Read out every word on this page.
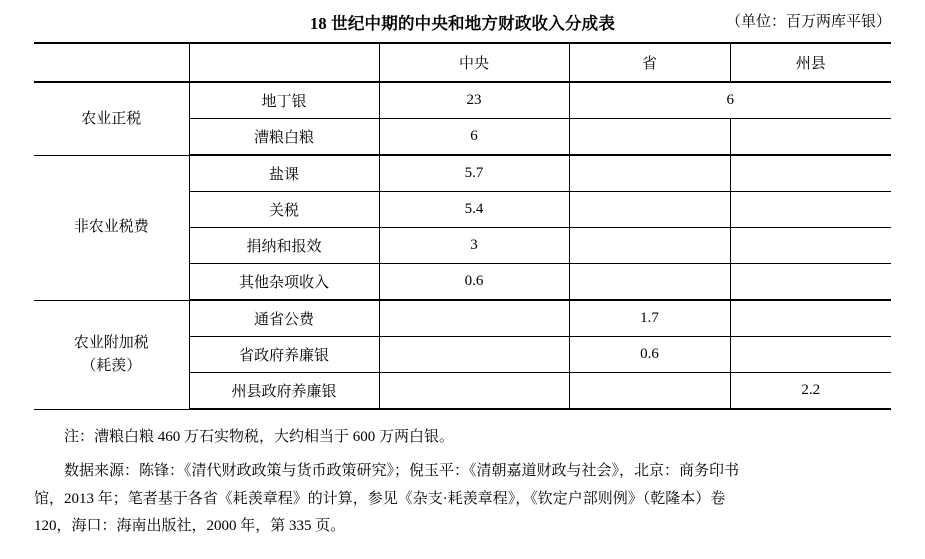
18 世纪中期的中央和地方财政收入分成表	（单位：百万两库平银）
		中央	省	州县
农业正税	地丁银	23	6	
	漕粮白粮	6		
非农业税费	盐课	5.7		
	关税	5.4		
	捐纳和报效	3		
	其他杂项收入	0.6		

农业附加税
（耗羡）	通省公费		1.7	
	省政府养廉银		0.6	
	州县政府养廉银			2.2
注：漕粮白粮 460 万石实物税，大约相当于 600 万两白银。
数据来源：陈锋：《清代财政政策与货币政策研究》；倪玉平：《清朝嘉道财政与社会》，北京：商务印书
馆，2013 年；笔者基于各省《耗羡章程》的计算，参见《杂支·耗羡章程》，《钦定户部则例》（乾隆本）卷
120，海口：海南出版社，2000 年，第 335 页。
